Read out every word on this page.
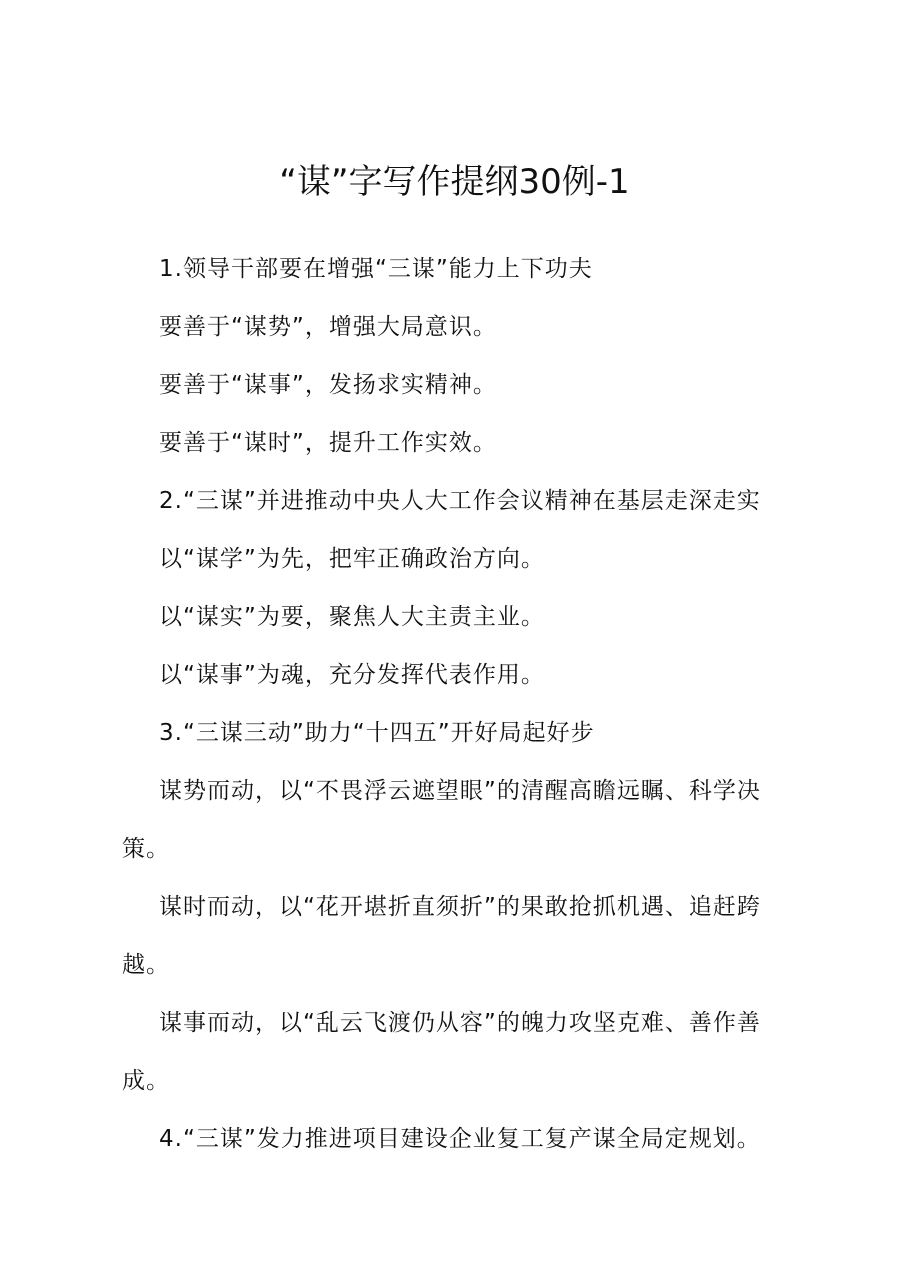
“谋”字写作提纲30例-1

1.领导干部要在增强“三谋”能力上下功夫

要善于“谋势”，增强大局意识。

要善于“谋事”，发扬求实精神。

要善于“谋时”，提升工作实效。

2.“三谋”并进推动中央人大工作会议精神在基层走深走实

以“谋学”为先，把牢正确政治方向。

以“谋实”为要，聚焦人大主责主业。

以“谋事”为魂，充分发挥代表作用。

3.“三谋三动”助力“十四五”开好局起好步

谋势而动，以“不畏浮云遮望眼”的清醒高瞻远瞩、科学决策。

谋时而动，以“花开堪折直须折”的果敢抢抓机遇、追赶跨越。

谋事而动，以“乱云飞渡仍从容”的魄力攻坚克难、善作善成。

4.“三谋”发力推进项目建设企业复工复产谋全局定规划。
